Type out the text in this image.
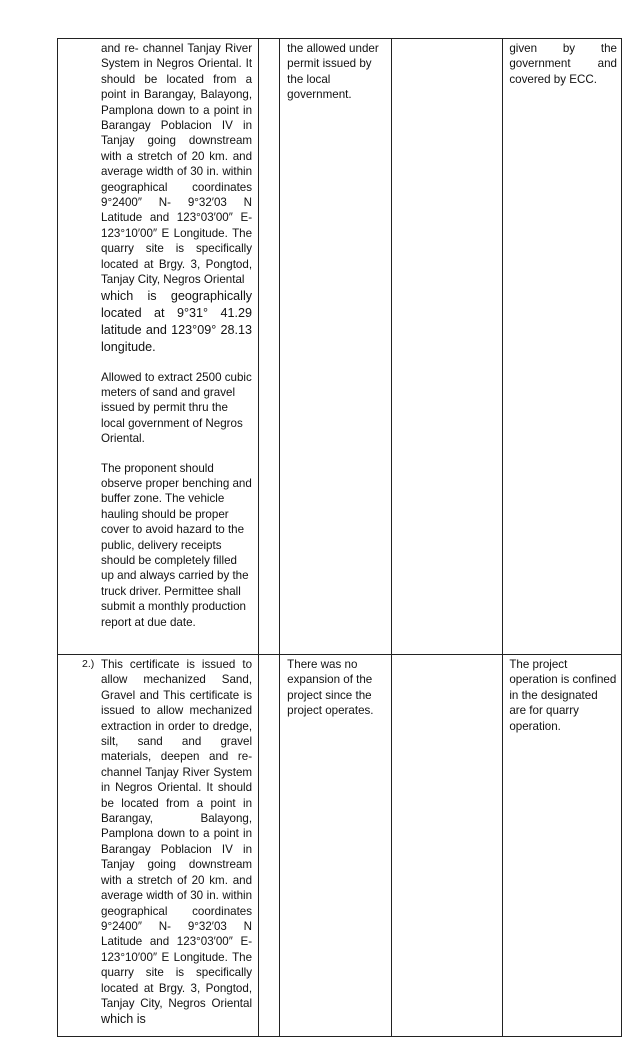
and re- channel Tanjay River System in Negros Oriental. It should be located from a point in Barangay, Balayong, Pamplona down to a point in Barangay Poblacion IV in Tanjay going downstream with a stretch of 20 km. and average width of 30 in. within geographical coordinates 9°2400″ N- 9°32′03 N Latitude and 123°03′00″ E- 123°10′00″ E Longitude. The quarry site is specifically located at Brgy. 3, Pongtod, Tanjay City, Negros Oriental

which is geographically located at 9°31° 41.29 latitude and 123°09° 28.13 longitude.

Allowed to extract 2500 cubic meters of sand and gravel issued by permit thru the local government of Negros Oriental.

The proponent should observe proper benching and buffer zone. The vehicle hauling should be proper cover to avoid hazard to the public, delivery receipts should be completely filled up and always carried by the truck driver. Permittee shall submit a monthly production report at due date.		the allowed under permit issued by the local government.		given by the government and covered by ECC.

2.) This certificate is issued to allow mechanized Sand, Gravel and This certificate is issued to allow mechanized extraction in order to dredge, silt, sand and gravel materials, deepen and re- channel Tanjay River System in Negros Oriental. It should be located from a point in Barangay, Balayong, Pamplona down to a point in Barangay Poblacion IV in Tanjay going downstream with a stretch of 20 km. and average width of 30 in. within geographical coordinates 9°2400″ N- 9°32′03 N Latitude and 123°03′00″ E- 123°10′00″ E Longitude. The quarry site is specifically located at Brgy. 3, Pongtod, Tanjay City, Negros Oriental which is		There was no expansion of the project since the project operates.		The project operation is confined in the designated are for quarry operation.
